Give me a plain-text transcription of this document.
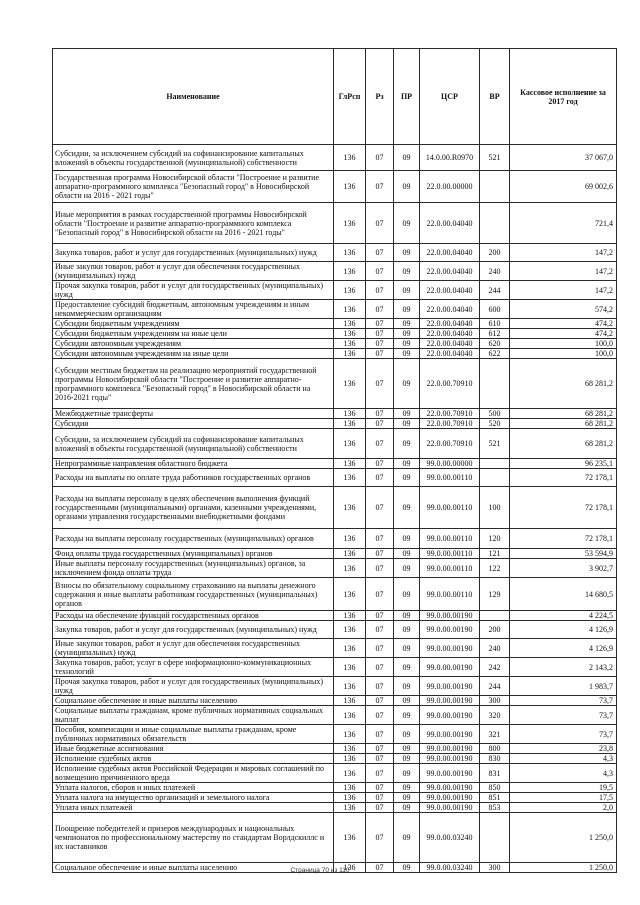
Наименование	ГлРсп	Рз	ПР	ЦСР	ВР	Кассовое исполнение за 2017 год
Субсидии, за исключением субсидий на софинансирование капитальных вложений в объекты государственной (муниципальной) собственности	136	07	09	14.0.00.R0970	521	37 067,0
Государственная программа Новосибирской области "Построение и развитие аппаратно-программного комплекса "Безопасный город" в Новосибирской области на 2016 - 2021 годы"	136	07	09	22.0.00.00000		69 002,6
Иные мероприятия в рамках государственной программы Новосибирской области "Построение и развитие аппаратно-программного комплекса "Безопасный город" в Новосибирской области на 2016 - 2021 годы"	136	07	09	22.0.00.04040		721,4
Закупка товаров, работ и услуг для государственных (муниципальных) нужд	136	07	09	22.0.00.04040	200	147,2
Иные закупки товаров, работ и услуг для обеспечения государственных (муниципальных) нужд	136	07	09	22.0.00.04040	240	147,2
Прочая закупка товаров, работ и услуг для государственных (муниципальных) нужд	136	07	09	22.0.00.04040	244	147,2
Предоставление субсидий бюджетным, автономным учреждениям и иным некоммерческим организациям	136	07	09	22.0.00.04040	600	574,2
Субсидии бюджетным учреждениям	136	07	09	22.0.00.04040	610	474,2
Субсидии бюджетным учреждениям на иные цели	136	07	09	22.0.00.04040	612	474,2
Субсидии автономным учреждениям	136	07	09	22.0.00.04040	620	100,0
Субсидии автономным учреждениям на иные цели	136	07	09	22.0.00.04040	622	100,0
Субсидии местным бюджетам на реализацию мероприятий государственной программы Новосибирской области "Построение и развитие аппаратно-программного комплекса "Безопасный город" в Новосибирской области на 2016-2021 годы"	136	07	09	22.0.00.70910		68 281,2
Межбюджетные трансферты	136	07	09	22.0.00.70910	500	68 281,2
Субсидии	136	07	09	22.0.00.70910	520	68 281,2
Субсидии, за исключением субсидий на софинансирование капитальных вложений в объекты государственной (муниципальной) собственности	136	07	09	22.0.00.70910	521	68 281,2
Непрограммные направления областного бюджета	136	07	09	99.0.00.00000		96 235,1
Расходы на выплаты по оплате труда работников государственных органов	136	07	09	99.0.00.00110		72 178,1
Расходы на выплаты персоналу в целях обеспечения выполнения функций государственными (муниципальными) органами, казенными учреждениями, органами управления государственными внебюджетными фондами	136	07	09	99.0.00.00110	100	72 178,1
Расходы на выплаты персоналу государственных (муниципальных) органов	136	07	09	99.0.00.00110	120	72 178,1
Фонд оплаты труда государственных (муниципальных) органов	136	07	09	99.0.00.00110	121	53 594,9
Иные выплаты персоналу государственных (муниципальных) органов, за исключением фонда оплаты труда	136	07	09	99.0.00.00110	122	3 902,7
Взносы по обязательному социальному страхованию на выплаты денежного содержания и иные выплаты работникам государственных (муниципальных) органов	136	07	09	99.0.00.00110	129	14 680,5
Расходы на обеспечение функций государственных органов	136	07	09	99.0.00.00190		4 224,5
Закупка товаров, работ и услуг для государственных (муниципальных) нужд	136	07	09	99.0.00.00190	200	4 126,9
Иные закупки товаров, работ и услуг для обеспечения государственных (муниципальных) нужд	136	07	09	99.0.00.00190	240	4 126,9
Закупка товаров, работ, услуг в сфере информационно-коммуникационных технологий	136	07	09	99.0.00.00190	242	2 143,2
Прочая закупка товаров, работ и услуг для государственных (муниципальных) нужд	136	07	09	99.0.00.00190	244	1 983,7
Социальное обеспечение и иные выплаты населению	136	07	09	99.0.00.00190	300	73,7
Социальные выплаты гражданам, кроме публичных нормативных социальных выплат	136	07	09	99.0.00.00190	320	73,7
Пособия, компенсации и иные социальные выплаты гражданам, кроме публичных нормативных обязательств	136	07	09	99.0.00.00190	321	73,7
Иные бюджетные ассигнования	136	07	09	99.0.00.00190	800	23,8
Исполнение судебных актов	136	07	09	99.0.00.00190	830	4,3
Исполнение судебных актов Российской Федерации и мировых соглашений по возмещению причиненного вреда	136	07	09	99.0.00.00190	831	4,3
Уплата налогов, сборов и иных платежей	136	07	09	99.0.00.00190	850	19,5
Уплата налога на имущество организаций и земельного налога	136	07	09	99.0.00.00190	851	17,5
Уплата иных платежей	136	07	09	99.0.00.00190	853	2,0
Поощрение победителей и призеров международных и национальных чемпионатов по профессиональному мастерству по стандартам Ворлдскиллс и их наставников	136	07	09	99.0.00.03240		1 250,0
Социальное обеспечение и иные выплаты населению	136	07	09	99.0.00.03240	300	1 250,0
Страница 70 из 110
